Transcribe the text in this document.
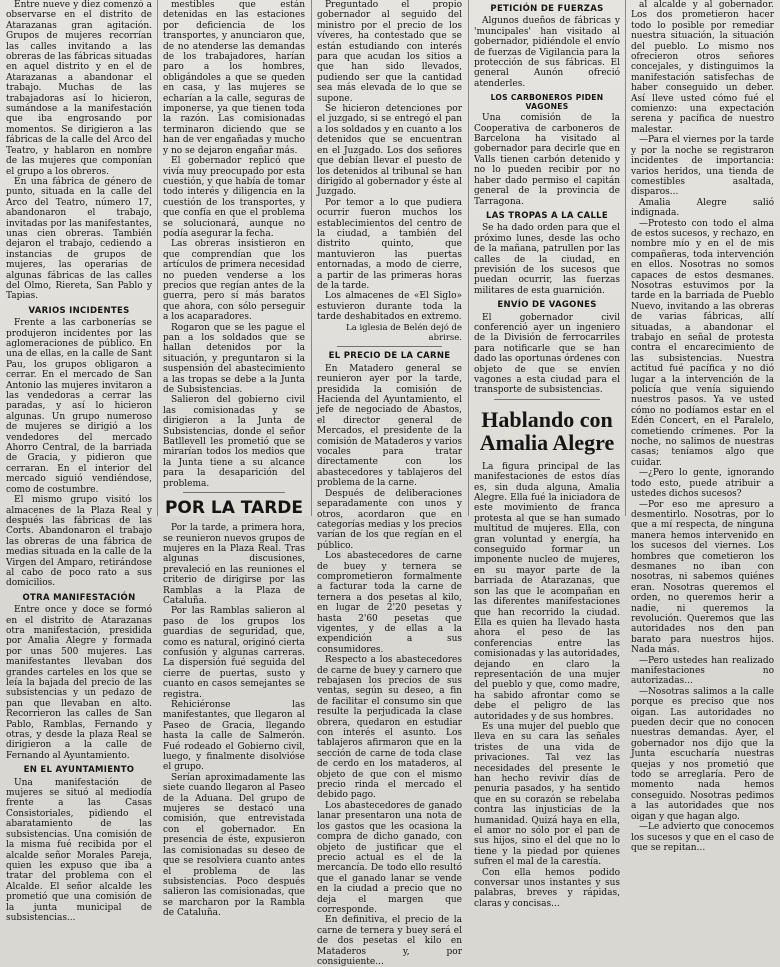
Entre nueve y diez comenzó a observarse en el distrito de Atarazanas gran agitación. Grupos de mujeres recorrían las calles invitando a las obreras de las fábricas situadas en aquel distrito y en el de Atarazanas a abandonar el trabajo. Muchas de las trabajadoras así lo hicieron, sumándose a la manifestación que iba engrosando por momentos. Se dirigieron a las fábricas de la calle del Arco del Teatro, y hablaron en nombre de las mujeres que componían el grupo a los obreros.

En una fábrica de género de punto, situada en la calle del Arco del Teatro, número 17, abandonaron el trabajo, invitadas por las manifestantes, unas cien obreras. También dejaron el trabajo, cediendo a instancias de grupos de mujeres, las operarias de algunas fábricas de las calles del Olmo, Riereta, San Pablo y Tapias.

VARIOS INCIDENTES

Frente a las carbonerías se produjeron incidentes por las aglomeraciones de público. En una de ellas, en la calle de Sant Pau, los grupos obligaron a cerrar. En el mercado de San Antonio las mujeres invitaron a las vendedoras a cerrar las paradas, y así lo hicieron algunas. Un grupo numeroso de mujeres se dirigió a los vendedores del mercado Ahorro Central, de la barriada de Gracia, y pidieron que cerraran. En el interior del mercado siguió vendiéndose, como de costumbre.

El mismo grupo visitó los almacenes de la Plaza Real y después las fábricas de las Corts. Abandonaron el trabajo las obreras de una fábrica de medias situada en la calle de la Virgen del Amparo, retirándose al cabo de poco rato a sus domicilios.

OTRA MANIFESTACIÓN

Entre once y doce se formó en el distrito de Atarazanas otra manifestación, presidida por Amalia Alegre y formada por unas 500 mujeres. Las manifestantes llevaban dos grandes carteles en los que se leía la bajada del precio de las subsistencias y un pedazo de pan que llevaban en alto. Recorrieron las calles de San Pablo, Ramblas, Fernando y otras, y desde la plaza Real se dirigieron a la calle de Fernando al Ayuntamiento.

EN EL AYUNTAMIENTO

Una manifestación de mujeres se situó al mediodía frente a las Casas Consistoriales, pidiendo el abaratamiento de las subsistencias. Una comisión de la misma fué recibida por el alcalde señor Morales Pareja, quien les expuso que iba a tratar del problema con el Alcalde. El señor alcalde les prometió que una comisión de la junta municipal de subsistencias...

mestibles que están detenidas en las estaciones por deficiencia de los transportes, y anunciaron que, de no atenderse las demandas de los trabajadores, harían paro a los hombres, obligándoles a que se queden en casa, y las mujeres se echarían a la calle, seguras de imponerse, ya que tienen toda la razón. Las comisionadas terminaron diciendo que se han de ver engañadas y mucho y no se dejaron engañar más.

El gobernador replicó que vivía muy preocupado por esta cuestión, y que había de tomar todo interés y diligencia en la cuestión de los transportes, y que confía en que el problema se solucionará, aunque no podía asegurar la fecha.

Las obreras insistieron en que comprendían que los artículos de primera necesidad no pueden venderse a los precios que regían antes de la guerra, pero sí más baratos que ahora, con sólo perseguir a los acaparadores.

Rogaron que se les pague el pan a los soldados que se hallan detenidos por la situación, y preguntaron si la suspensión del abastecimiento a las tropas se debe a la Junta de Subsistencias.

Salieron del gobierno civil las comisionadas y se dirigieron a la Junta de Subsistencias, donde el señor Batllevell les prometió que se mirarían todos los medios que la Junta tiene a su alcance para la desaparición del problema.

POR LA TARDE

Por la tarde, a primera hora, se reunieron nuevos grupos de mujeres en la Plaza Real. Tras algunas discusiones, prevaleció en las reuniones el criterio de dirigirse por las Ramblas a la Plaza de Cataluña.

Por las Ramblas salieron al paso de los grupos los guardias de seguridad, que, como es natural, originó cierta confusión y algunas carreras. La dispersión fué seguida del cierre de puertas, susto y cuanto en casos semejantes se registra.

Rehiciéronse las manifestantes, que llegaron al Paseo de Gracia, llegando hasta la calle de Salmerón. Fué rodeado el Gobierno civil, luego, y finalmente disolvióse el grupo.

Serían aproximadamente las siete cuando llegaron al Paseo de la Aduana. Del grupo de mujeres se destacó una comisión, que entrevistada con el gobernador. En presencia de éste, expusieron las comisionadas su deseo de que se resolviera cuanto antes el problema de las subsistencias. Poco después salieron las comisionadas, que se marcharon por la Rambla de Cataluña.

Preguntado el propio gobernador al seguido del ministro por el precio de los víveres, ha contestado que se están estudiando con interés para que acudan los sitios a que han sido llevados, pudiendo ser que la cantidad sea más elevada de lo que se supone.

Se hicieron detenciones por el juzgado, si se entregó el pan a los soldados y en cuanto a los detenidos que se encuentran en el Juzgado. Los dos señores que debían llevar el puesto de los detenidos al tribunal se han dirigido al gobernador y éste al Juzgado.

Por temor a lo que pudiera ocurrir fueron muchos los establecimientos del centro de la ciudad, a también del distrito quinto, que mantuvieron las puertas entornadas, a modo de cierre, a partir de las primeras horas de la tarde.

Los almacenes de «El Siglo» estuvieron durante toda la tarde deshabitados en extremo.

La iglesia de Belén dejó de abrirse.

EL PRECIO DE LA CARNE

En Matadero general se reunieron ayer por la tarde, presidida la comisión de Hacienda del Ayuntamiento, el jefe de negociado de Abastos, el director general de Mercados, el presidente de la comisión de Mataderos y varios vocales para tratar directamente con los abastecedores y tablajeros del problema de la carne.

Después de deliberaciones separadamente con unos y otros, acordaron que en categorías medias y los precios varían de los que regían en el público.

Los abastecedores de carne de buey y ternera se comprometieron formalmente a facturar toda la carne de ternera a dos pesetas al kilo, en lugar de 2'20 pesetas y hasta 2'60 pesetas que vigentes, y de ellas a la expendición a sus consumidores.

Respecto a los abastecedores de carne de buey y carnero que rebajasen los precios de sus ventas, según su deseo, a fin de facilitar el consumo sin que resulte la perjudicada la clase obrera, quedaron en estudiar con interés el asunto. Los tablajeros afirmaron que en la sección de carne de toda clase de cerdo en los mataderos, al objeto de que con el mismo precio rinda el mercado el debido pago.

Los abastecedores de ganado lanar presentaron una nota de los gastos que les ocasiona la compra de dicho ganado, con objeto de justificar que el precio actual es el de la mercancía. De todo ello resultó que el ganado lanar se vende en la ciudad a precio que no deja el margen que corresponde.

En definitiva, el precio de la carne de ternera y buey será el de dos pesetas el kilo en Mataderos y, por consiguiente...

PETICIÓN DE FUERZAS

Algunos dueños de fábricas y 'muncipales' han visitado al gobernador, pidiéndole el envío de fuerzas de Vigilancia para la protección de sus fábricas. El general Aunón ofreció atenderles.

LOS CARBONEROS PIDEN VAGONES

Una comisión de la Cooperativa de carboneros de Barcelona ha visitado al gobernador para decirle que en Valls tienen carbón detenido y no lo pueden recibir por no haber dado permiso el capitán general de la provincia de Tarragona.

LAS TROPAS A LA CALLE

Se ha dado orden para que el próximo lunes, desde las ocho de la mañana, patrullen por las calles de la ciudad, en previsión de los sucesos que puedan ocurrir, las fuerzas militares de esta guarnición.

ENVÍO DE VAGONES

El gobernador civil conferenció ayer un ingeniero de la División de ferrocarriles para notificarle que se han dado las oportunas órdenes con objeto de que se envíen vagones a esta ciudad para el transporte de subsistencias.

Hablando con Amalia Alegre

La figura principal de las manifestaciones de estos días es, sin duda alguna, Amalia Alegre. Ella fué la iniciadora de este movimiento de franca protesta al que se han sumado multitud de mujeres. Ella, con gran voluntad y energía, ha conseguido formar un imponente nucleo de mujeres, en su mayor parte de la barriada de Atarazanas, que son las que le acompañan en las diferentes manifestaciones que han recorrido la ciudad. Ella es quien ha llevado hasta ahora el peso de las conferencias entre las comisionadas y las autoridades, dejando en claro la representación de una mujer del pueblo y que, como madre, ha sabido afrontar como se debe el peligro de las autoridades y de sus hombres.

Es una mujer del pueblo que lleva en su cara las señales tristes de una vida de privaciones. Tal vez las necesidades del presente le han hecho revivir días de penuria pasados, y ha sentido que en su corazón se rebelaba contra las injusticias de la humanidad. Quizá haya en ella, el amor no sólo por el pan de sus hijos, sino el del que no lo tiene y la piedad por quienes sufren el mal de la carestía.

Con ella hemos podido conversar unos instantes y sus palabras, breves y rápidas, claras y concisas...

al alcalde y al gobernador. Los dos prometieron hacer todo lo posible por remediar nuestra situación, la situación del pueblo. Lo mismo nos ofrecieron otros señores concejales, y distinguimos la manifestación satisfechas de haber conseguido un deber. Así lleve usted cómo fué el comienzo: una expectación serena y pacífica de nuestro malestar.

—Para el viernes por la tarde y por la noche se registraron incidentes de importancia: varios heridos, una tienda de comestibles asaltada, disparos...

Amalia Alegre salió indignada.

—Protesto con todo el alma de estos sucesos, y rechazo, en nombre mío y en el de mis compañeras, toda intervención en ellos. Nosotras no somos capaces de estos desmanes. Nosotras estuvimos por la tarde en la barriada de Pueblo Nuevo, invitando a las obreras de varias fábricas, allí situadas, a abandonar el trabajo en señal de protesta contra el encarecimiento de las subsistencias. Nuestra actitud fué pacífica y no dió lugar a la intervención de la policía que venía siguiendo nuestros pasos. Ya ve usted cómo no podíamos estar en el Edén Concert, en el Paralelo, cometiendo crímenes. Por la noche, no salimos de nuestras casas; teníamos algo que cuidar.

—¿Pero lo gente, ignorando todo esto, puede atribuir a ustedes dichos sucesos?

—Por eso me apresuro a desmentirlo. Nosotras, por lo que a mí respecta, de ninguna manera hemos intervenido en los sucesos del viernes. Los hombres que cometieron los desmanes no iban con nosotras, ni sabemos quiénes eran. Nosotras queremos el orden, no queremos herir a nadie, ni queremos la revolución. Queremos que las autoridades nos den pan barato para nuestros hijos. Nada más.

—Pero ustedes han realizado manifestaciones no autorizadas...

—Nosotras salimos a la calle porque es preciso que nos oigan. Las autoridades no pueden decir que no conocen nuestras demandas. Ayer, el gobernador nos dijo que la Junta escucharía nuestras quejas y nos prometió que todo se arreglaría. Pero de momento nada hemos conseguido. Nosotras pedimos a las autoridades que nos oigan y que hagan algo.

—Le advierto que conocemos los sucesos y que en el caso de que se repitan...
